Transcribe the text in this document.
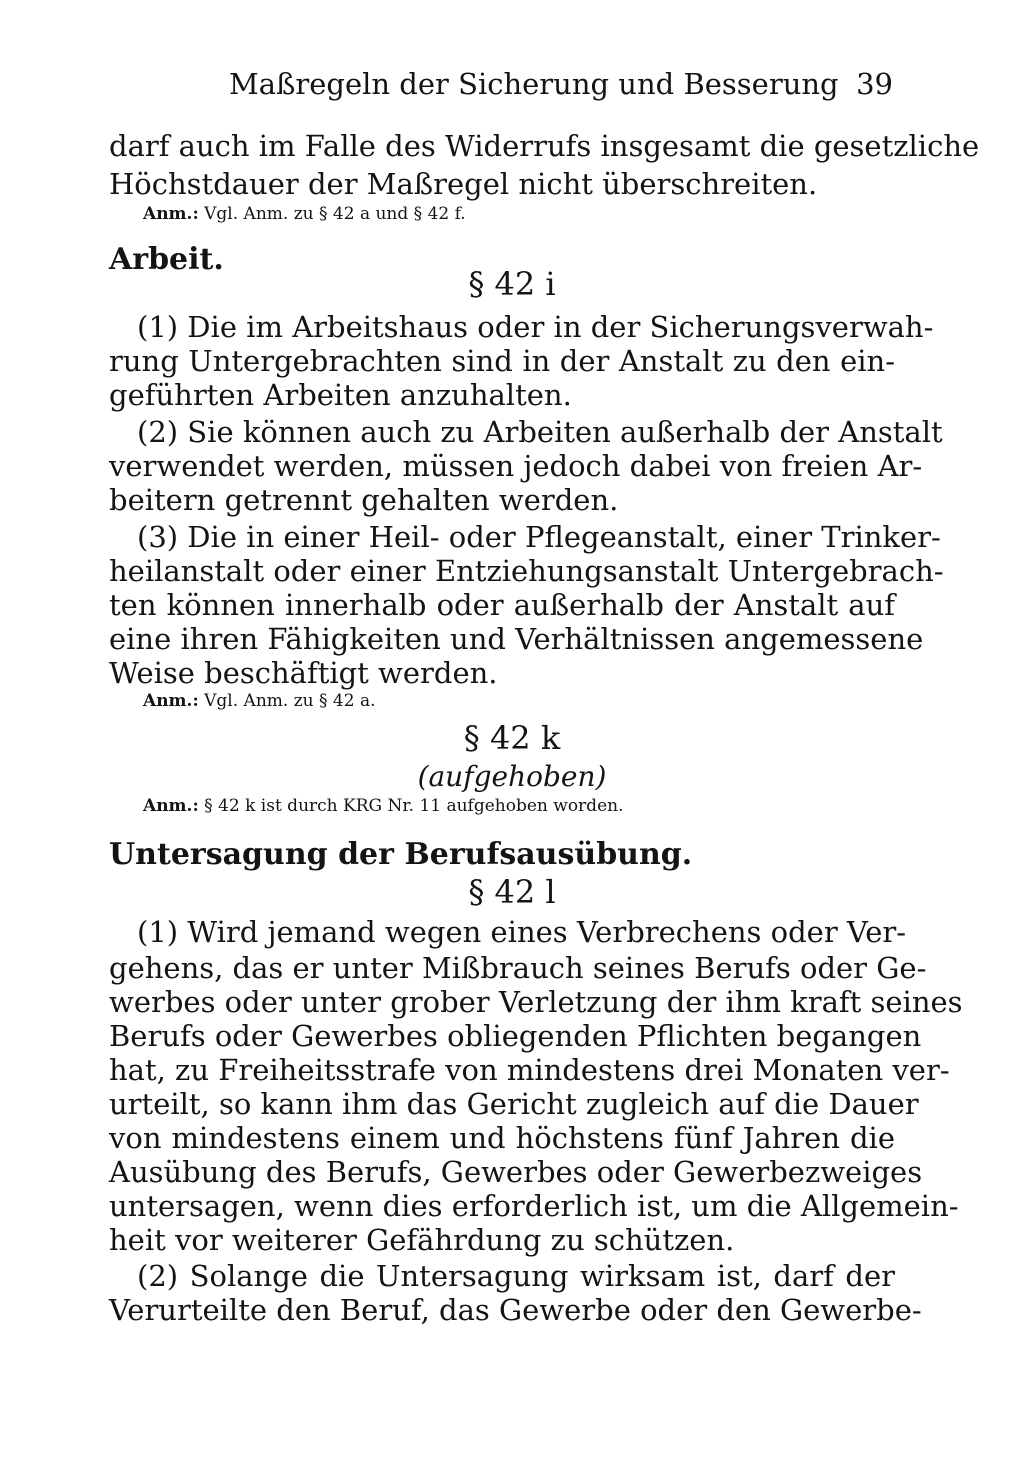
Maßregeln der Sicherung und Besserung 39

darf auch im Falle des Widerrufs insgesamt die gesetzliche

Höchstdauer der Maßregel nicht überschreiten.

Anm.: Vgl. Anm. zu § 42 a und § 42 f.
Arbeit.
§ 42 i

(1) Die im Arbeitshaus oder in der Sicherungsverwah-

rung Untergebrachten sind in der Anstalt zu den ein-

geführten Arbeiten anzuhalten.

(2) Sie können auch zu Arbeiten außerhalb der Anstalt

verwendet werden, müssen jedoch dabei von freien Ar-

beitern getrennt gehalten werden.

(3) Die in einer Heil- oder Pflegeanstalt, einer Trinker-

heilanstalt oder einer Entziehungsanstalt Untergebrach-

ten können innerhalb oder außerhalb der Anstalt auf

eine ihren Fähigkeiten und Verhältnissen angemessene

Weise beschäftigt werden.

Anm.: Vgl. Anm. zu § 42 a.
§ 42 k
(aufgehoben)
Anm.: § 42 k ist durch KRG Nr. 11 aufgehoben worden.
Untersagung der Berufsausübung.
§ 42 l

(1) Wird jemand wegen eines Verbrechens oder Ver-

gehens, das er unter Mißbrauch seines Berufs oder Ge-

werbes oder unter grober Verletzung der ihm kraft seines

Berufs oder Gewerbes obliegenden Pflichten begangen

hat, zu Freiheitsstrafe von mindestens drei Monaten ver-

urteilt, so kann ihm das Gericht zugleich auf die Dauer

von mindestens einem und höchstens fünf Jahren die

Ausübung des Berufs, Gewerbes oder Gewerbezweiges

untersagen, wenn dies erforderlich ist, um die Allgemein-

heit vor weiterer Gefährdung zu schützen.

(2) Solange die Untersagung wirksam ist, darf der

Verurteilte den Beruf, das Gewerbe oder den Gewerbe-
